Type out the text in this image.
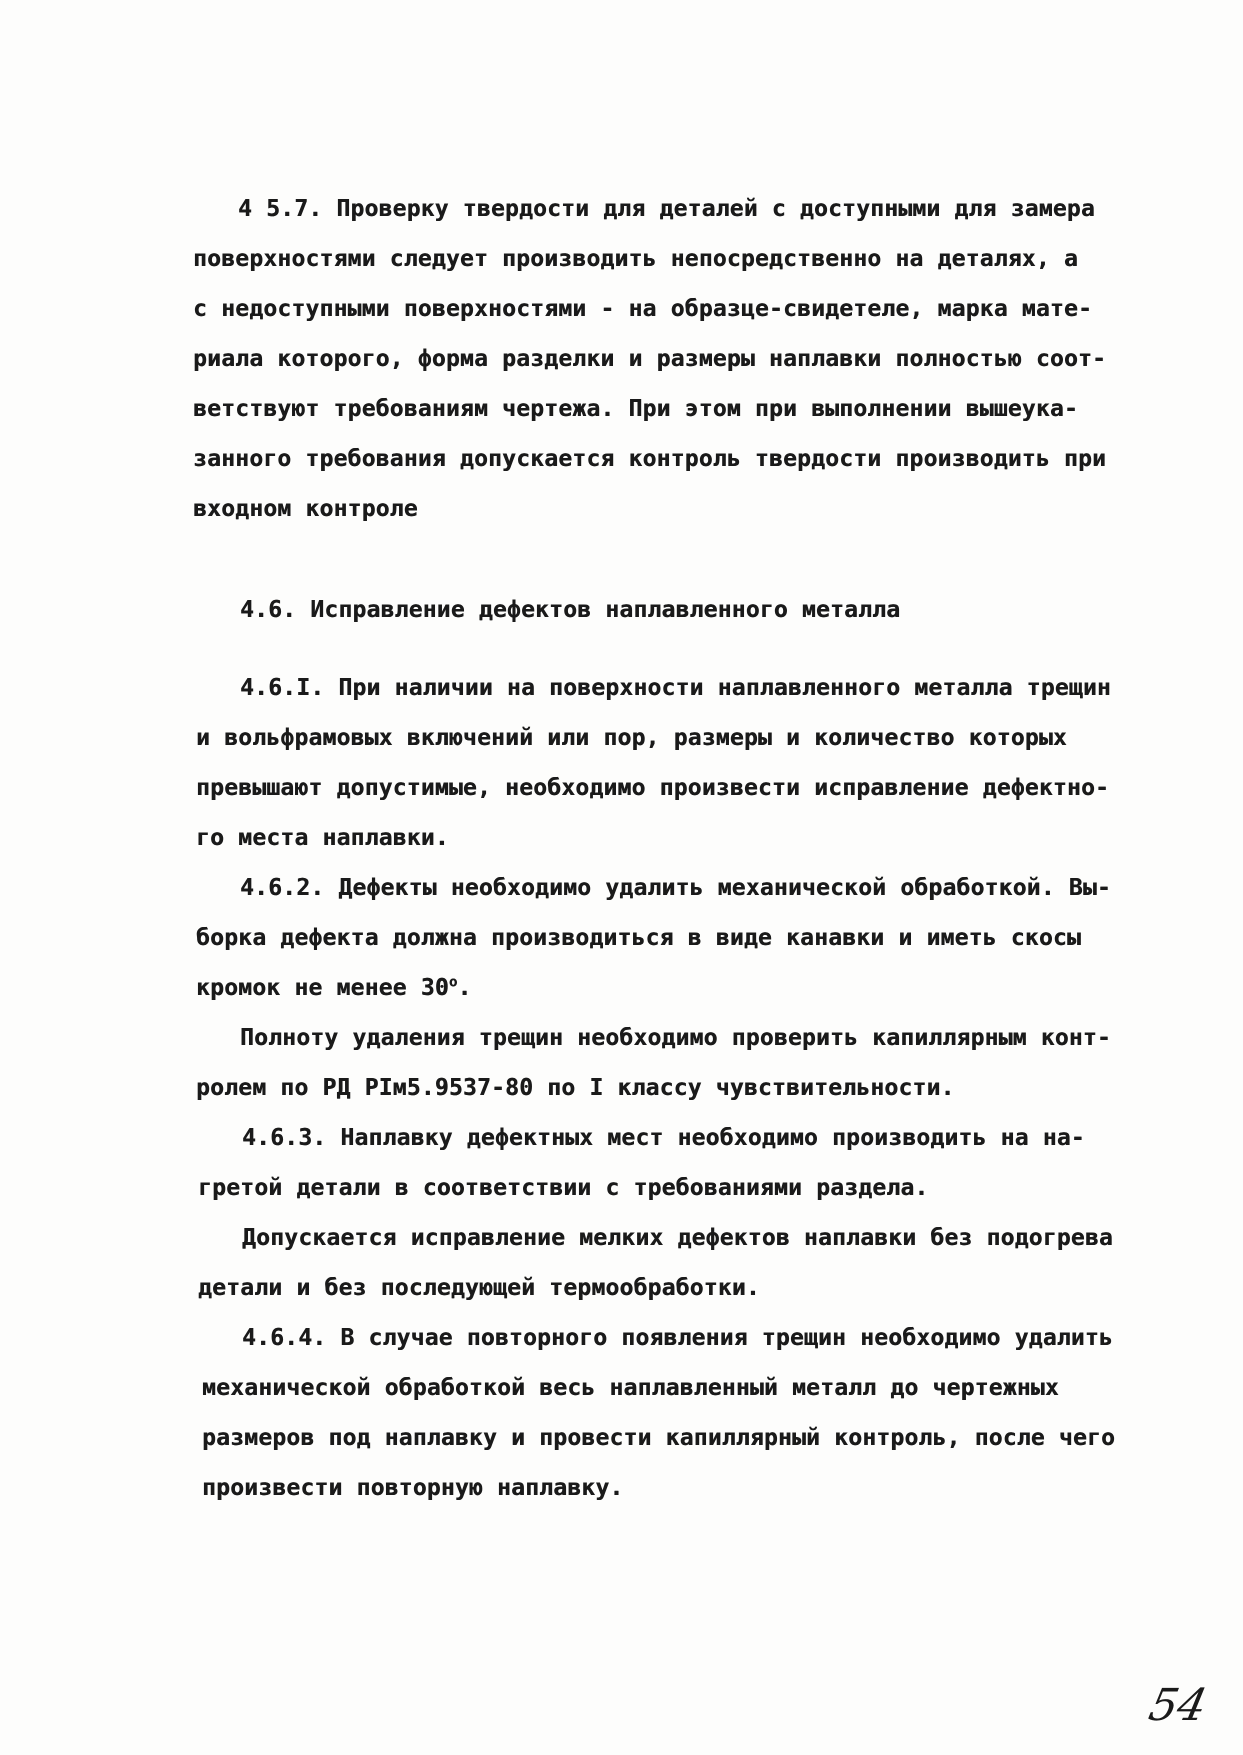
4 5.7. Проверку твердости для деталей с доступными для замера
поверхностями следует производить непосредственно на деталях, а
с недоступными поверхностями - на образце-свидетеле, марка мате-
риала которого, форма разделки и размеры наплавки полностью соот-
ветствуют требованиям чертежа. При этом при выполнении вышеука-
занного требования допускается контроль твердости производить при
входном контроле
4.6. Исправление дефектов наплавленного металла
4.6.I. При наличии на поверхности наплавленного металла трещин
и вольфрамовых включений или пор, размеры и количество которых
превышают допустимые, необходимо произвести исправление дефектно-
го места наплавки.
4.6.2. Дефекты необходимо удалить механической обработкой. Вы-
борка дефекта должна производиться в виде канавки и иметь скосы
кромок не менее $30^о$.
Полноту удаления трещин необходимо проверить капиллярным конт-
ролем по РД РIм5.9537-80 по I классу чувствительности.
4.6.3. Наплавку дефектных мест необходимо производить на на-
гретой детали в соответствии с требованиями раздела.
Допускается исправление мелких дефектов наплавки без подогрева
детали и без последующей термообработки.
4.6.4. В случае повторного появления трещин необходимо удалить
механической обработкой весь наплавленный металл до чертежных
размеров под наплавку и провести капиллярный контроль, после чего
произвести повторную наплавку.
54
